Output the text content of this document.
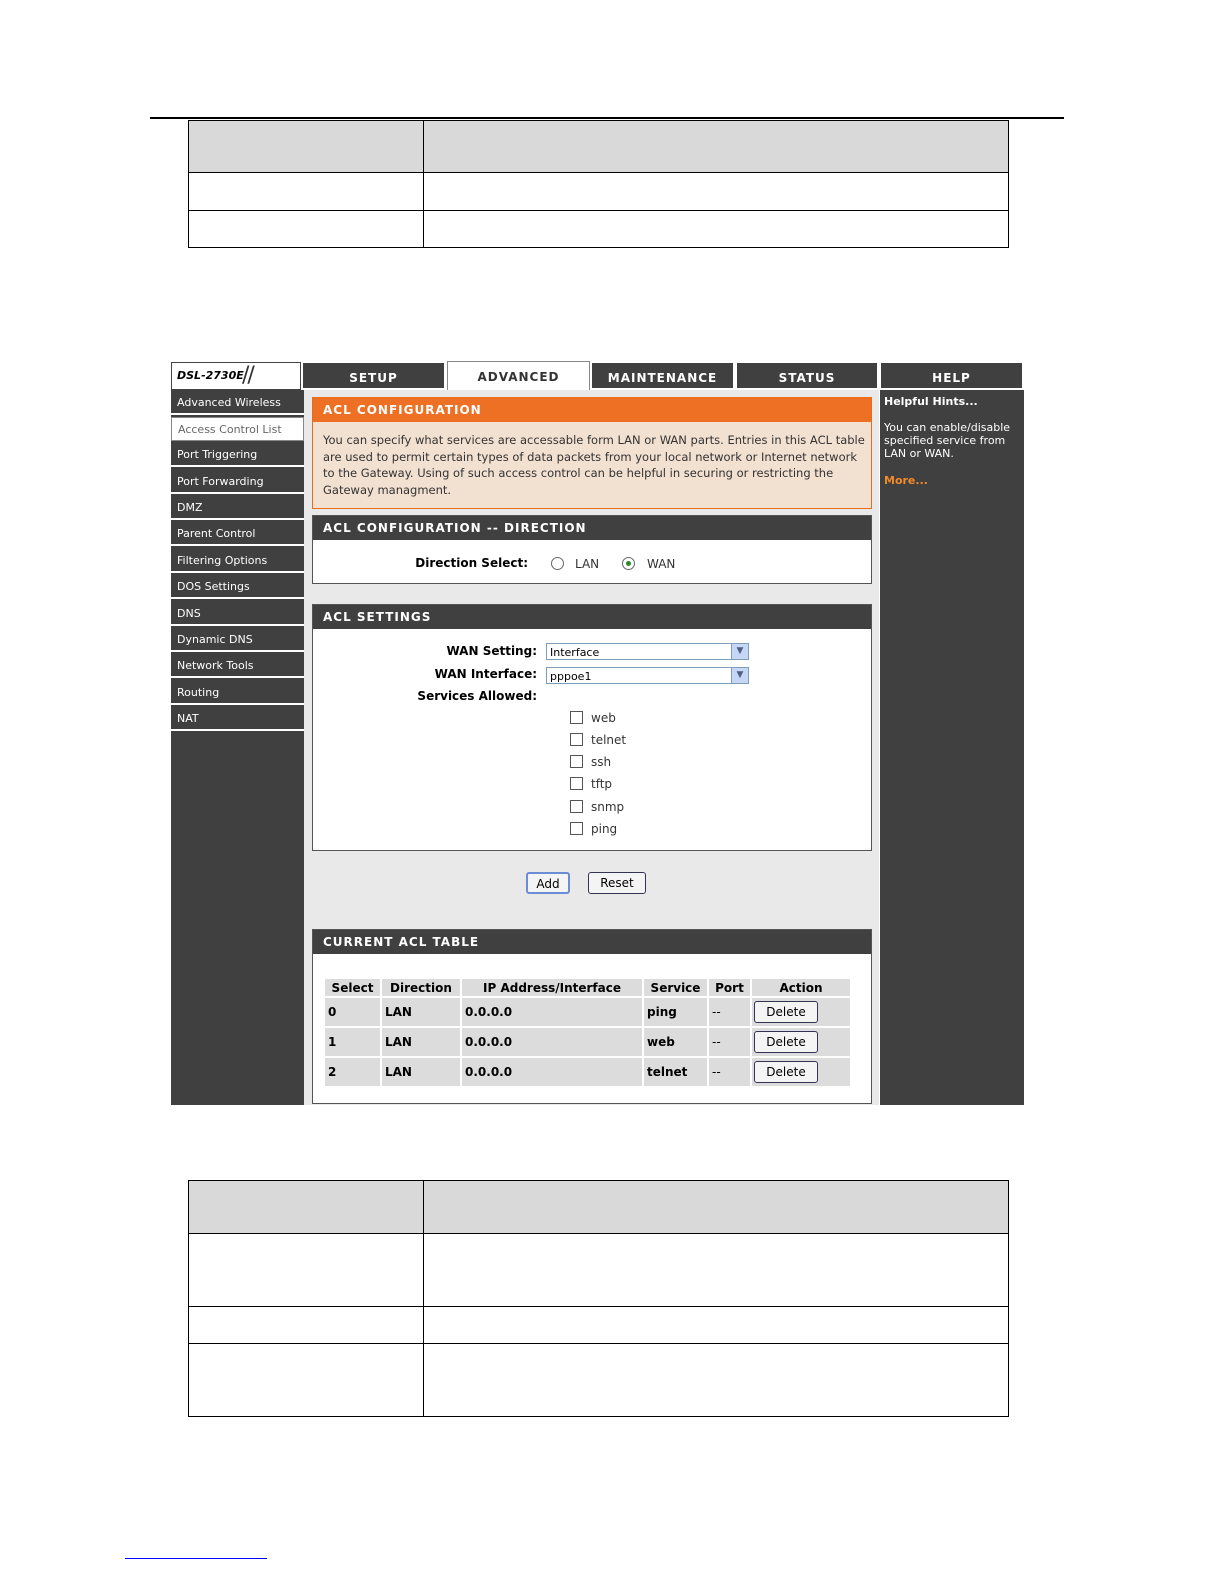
DSL-2730E
//	SETUP	ADVANCED	MAINTENANCE	STATUS	HELP
Advanced Wireless
Access Control List
Port Triggering
Port Forwarding
DMZ
Parent Control
Filtering Options
DOS Settings
DNS
Dynamic DNS
Network Tools
Routing
NAT
ACL CONFIGURATION
You can specify what services are accessable form LAN or WAN parts. Entries in this ACL table are used to permit certain types of data packets from your local network or Internet network to the Gateway. Using of such access control can be helpful in securing or restricting the Gateway managment.
ACL CONFIGURATION -- DIRECTION
Direction Select:	LAN	WAN
ACL SETTINGS
WAN Setting:	Interface	▼
WAN Interface:	pppoe1	▼
Services Allowed:
web
telnet
ssh
tftp
snmp
ping
Add	Reset
CURRENT ACL TABLE
Select	Direction	IP Address/Interface	Service	Port	Action
0	LAN	0.0.0.0	ping	--	Delete

1	LAN	0.0.0.0	web	--	Delete

2	LAN	0.0.0.0	telnet	--	Delete
Helpful Hints...
You can enable/disable specified service from LAN or WAN.
More...
